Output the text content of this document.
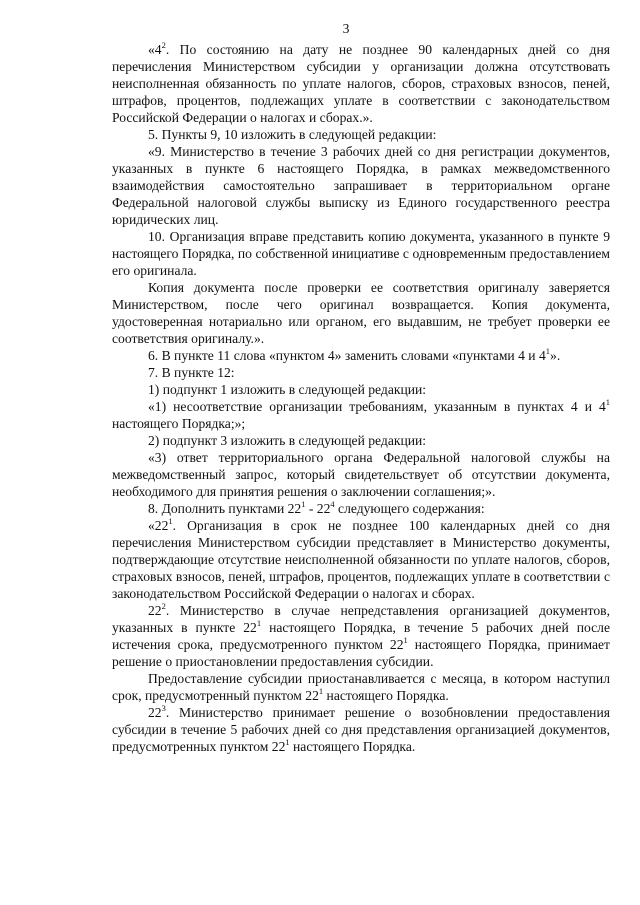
3

«$4^2$. По состоянию на дату не позднее 90 календарных дней со дня перечисления Министерством субсидии у организации должна отсутствовать неисполненная обязанность по уплате налогов, сборов, страховых взносов, пеней, штрафов, процентов, подлежащих уплате в соответствии с законодательством Российской Федерации о налогах и сборах.».

5. Пункты 9, 10 изложить в следующей редакции:

«9. Министерство в течение 3 рабочих дней со дня регистрации документов, указанных в пункте 6 настоящего Порядка, в рамках межведомственного взаимодействия самостоятельно запрашивает в территориальном органе Федеральной налоговой службы выписку из Единого государственного реестра юридических лиц.

10. Организация вправе представить копию документа, указанного в пункте 9 настоящего Порядка, по собственной инициативе с одновременным предоставлением его оригинала.

Копия документа после проверки ее соответствия оригиналу заверяется Министерством, после чего оригинал возвращается. Копия документа, удостоверенная нотариально или органом, его выдавшим, не требует проверки ее соответствия оригиналу.».

6. В пункте 11 слова «пунктом 4» заменить словами «пунктами 4 и $4^1$».

7. В пункте 12:

1) подпункт 1 изложить в следующей редакции:

«1) несоответствие организации требованиям, указанным в пунктах 4 и $4^1$ настоящего Порядка;»;

2) подпункт 3 изложить в следующей редакции:

«3) ответ территориального органа Федеральной налоговой службы на межведомственный запрос, который свидетельствует об отсутствии документа, необходимого для принятия решения о заключении соглашения;».

8. Дополнить пунктами $22^1 - 22^4$ следующего содержания:

«$22^1$. Организация в срок не позднее 100 календарных дней со дня перечисления Министерством субсидии представляет в Министерство документы, подтверждающие отсутствие неисполненной обязанности по уплате налогов, сборов, страховых взносов, пеней, штрафов, процентов, подлежащих уплате в соответствии с законодательством Российской Федерации о налогах и сборах.

$22^2$. Министерство в случае непредставления организацией документов, указанных в пункте $22^1$ настоящего Порядка, в течение 5 рабочих дней после истечения срока, предусмотренного пунктом $22^1$ настоящего Порядка, принимает решение о приостановлении предоставления субсидии.

Предоставление субсидии приостанавливается с месяца, в котором наступил срок, предусмотренный пунктом $22^1$ настоящего Порядка.

$22^3$. Министерство принимает решение о возобновлении предоставления субсидии в течение 5 рабочих дней со дня представления организацией документов, предусмотренных пунктом $22^1$ настоящего Порядка.
